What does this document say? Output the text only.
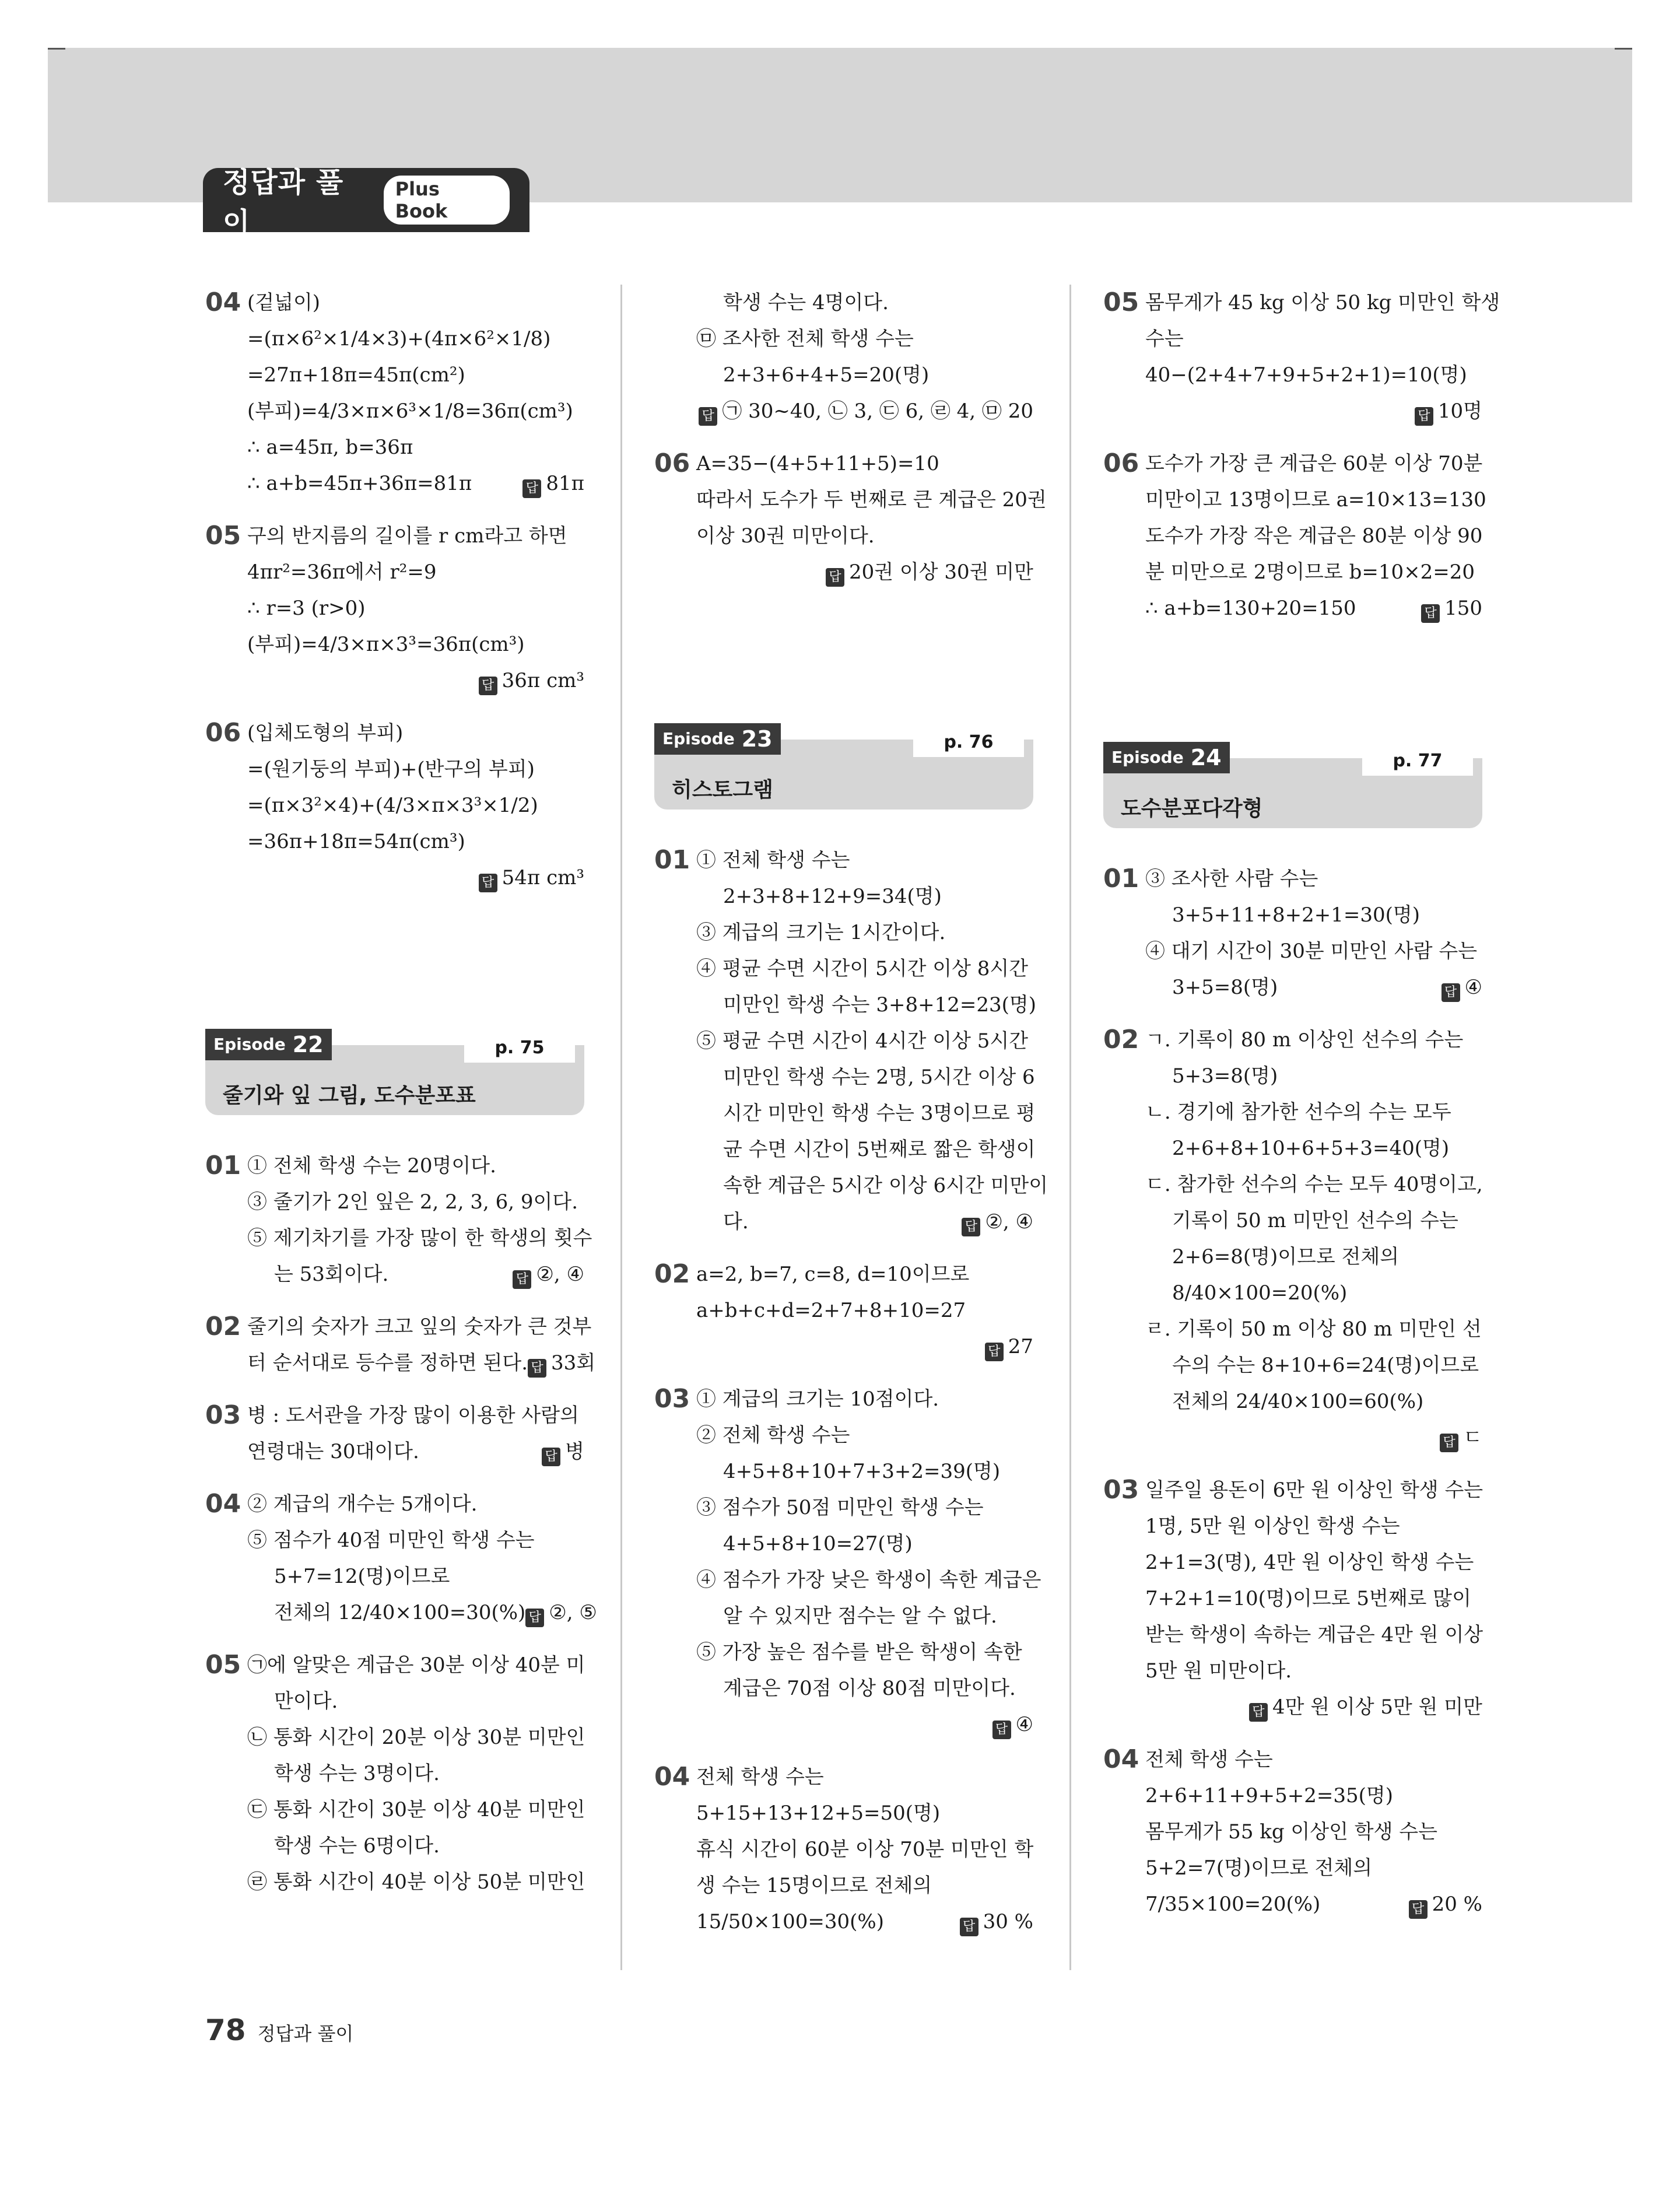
정답과 풀이
Plus Book
04 (겉넓이)
=(π×6²×1/4×3)+(4π×6²×1/8)
=27π+18π=45π(cm²)
(부피)=4/3×π×6³×1/8=36π(cm³)
∴ a=45π, b=36π
∴ a+b=45π+36π=81π	답 81π
05 구의 반지름의 길이를 r cm라고 하면
4πr²=36π에서 r²=9
∴ r=3 (r>0)
(부피)=4/3×π×3³=36π(cm³)
답 36π cm³
06 (입체도형의 부피)
=(원기둥의 부피)+(반구의 부피)
=(π×3²×4)+(4/3×π×3³×1/2)
=36π+18π=54π(cm³)
답 54π cm³
Episode 22	p. 75
줄기와 잎 그림, 도수분포표
01 ① 전체 학생 수는 20명이다.
③ 줄기가 2인 잎은 2, 2, 3, 6, 9이다.
⑤ 제기차기를 가장 많이 한 학생의 횟수
는 53회이다.	답 ②, ④
02 줄기의 숫자가 크고 잎의 숫자가 큰 것부
터 순서대로 등수를 정하면 된다. 답 33회
03 병 : 도서관을 가장 많이 이용한 사람의
연령대는 30대이다.	답 병
04 ② 계급의 개수는 5개이다.
⑤ 점수가 40점 미만인 학생 수는
5+7=12(명)이므로
전체의 12/40×100=30(%) 답 ②, ⑤
05 ㉠에 알맞은 계급은 30분 이상 40분 미
만이다.
㉡ 통화 시간이 20분 이상 30분 미만인
학생 수는 3명이다.
㉢ 통화 시간이 30분 이상 40분 미만인
학생 수는 6명이다.
㉣ 통화 시간이 40분 이상 50분 미만인
학생 수는 4명이다.
㉤ 조사한 전체 학생 수는
2+3+6+4+5=20(명)
답 ㉠ 30~40, ㉡ 3, ㉢ 6, ㉣ 4, ㉤ 20
06 A=35−(4+5+11+5)=10
따라서 도수가 두 번째로 큰 계급은 20권
이상 30권 미만이다.
답 20권 이상 30권 미만
Episode 23	p. 76
히스토그램
01 ① 전체 학생 수는
2+3+8+12+9=34(명)
③ 계급의 크기는 1시간이다.
④ 평균 수면 시간이 5시간 이상 8시간
미만인 학생 수는 3+8+12=23(명)
⑤ 평균 수면 시간이 4시간 이상 5시간
미만인 학생 수는 2명, 5시간 이상 6
시간 미만인 학생 수는 3명이므로 평
균 수면 시간이 5번째로 짧은 학생이
속한 계급은 5시간 이상 6시간 미만이
다.	답 ②, ④
02 a=2, b=7, c=8, d=10이므로
a+b+c+d=2+7+8+10=27
답 27
03 ① 계급의 크기는 10점이다.
② 전체 학생 수는
4+5+8+10+7+3+2=39(명)
③ 점수가 50점 미만인 학생 수는
4+5+8+10=27(명)
④ 점수가 가장 낮은 학생이 속한 계급은
알 수 있지만 점수는 알 수 없다.
⑤ 가장 높은 점수를 받은 학생이 속한
계급은 70점 이상 80점 미만이다.
답 ④
04 전체 학생 수는
5+15+13+12+5=50(명)
휴식 시간이 60분 이상 70분 미만인 학
생 수는 15명이므로 전체의
15/50×100=30(%)	답 30 %
05 몸무게가 45 kg 이상 50 kg 미만인 학생
수는
40−(2+4+7+9+5+2+1)=10(명)
답 10명
06 도수가 가장 큰 계급은 60분 이상 70분
미만이고 13명이므로 a=10×13=130
도수가 가장 작은 계급은 80분 이상 90
분 미만으로 2명이므로 b=10×2=20
∴ a+b=130+20=150	답 150
Episode 24	p. 77
도수분포다각형
01 ③ 조사한 사람 수는
3+5+11+8+2+1=30(명)
④ 대기 시간이 30분 미만인 사람 수는
3+5=8(명)	답 ④
02 ㄱ. 기록이 80 m 이상인 선수의 수는
5+3=8(명)
ㄴ. 경기에 참가한 선수의 수는 모두
2+6+8+10+6+5+3=40(명)
ㄷ. 참가한 선수의 수는 모두 40명이고,
기록이 50 m 미만인 선수의 수는
2+6=8(명)이므로 전체의
8/40×100=20(%)
ㄹ. 기록이 50 m 이상 80 m 미만인 선
수의 수는 8+10+6=24(명)이므로
전체의 24/40×100=60(%)
답 ㄷ
03 일주일 용돈이 6만 원 이상인 학생 수는
1명, 5만 원 이상인 학생 수는
2+1=3(명), 4만 원 이상인 학생 수는
7+2+1=10(명)이므로 5번째로 많이
받는 학생이 속하는 계급은 4만 원 이상
5만 원 미만이다.
답 4만 원 이상 5만 원 미만
04 전체 학생 수는
2+6+11+9+5+2=35(명)
몸무게가 55 kg 이상인 학생 수는
5+2=7(명)이므로 전체의
7/35×100=20(%)	답 20 %
78 정답과 풀이
